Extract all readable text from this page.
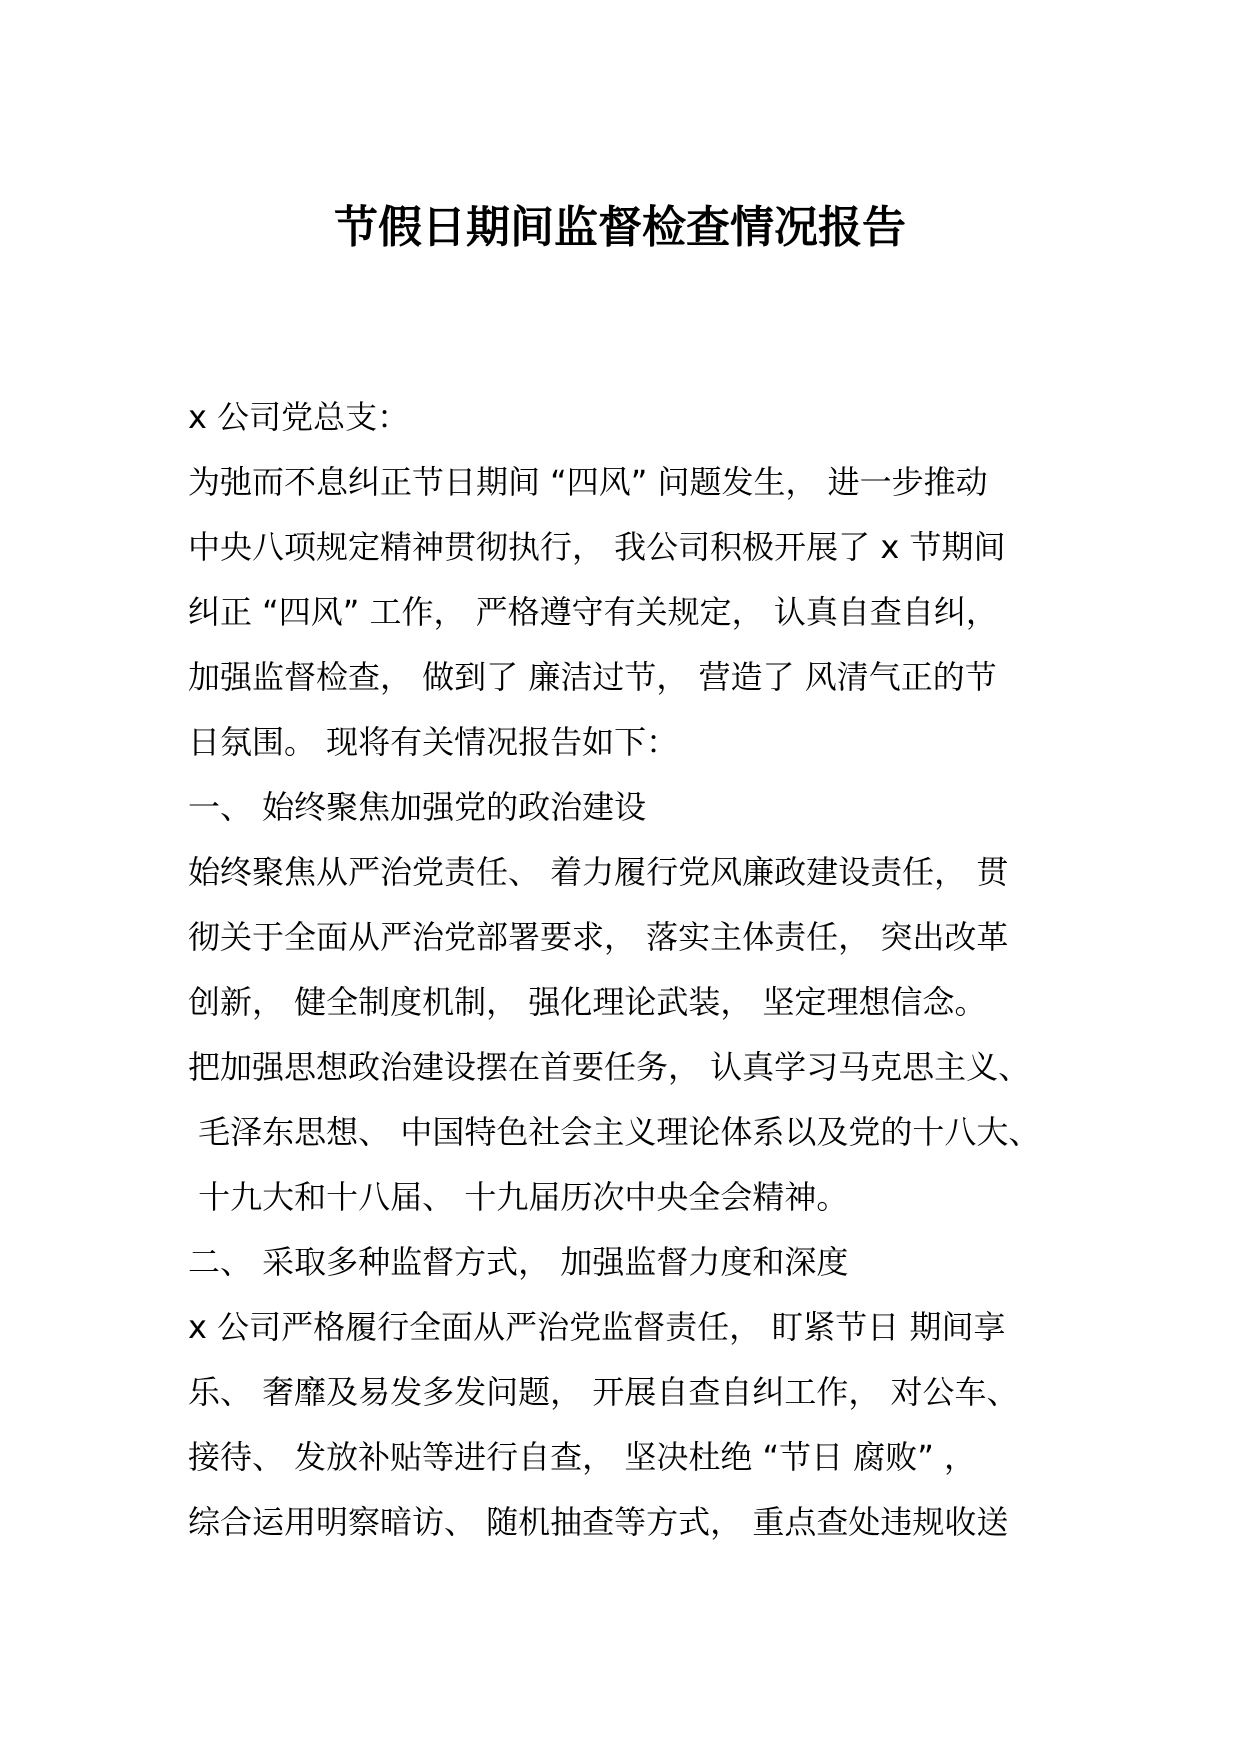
节假日期间监督检查情况报告
x 公司党总支：
为弛而不息纠正节日期间 “四风” 问题发生， 进一步推动
中央八项规定精神贯彻执行， 我公司积极开展了 x 节期间
纠正 “四风” 工作， 严格遵守有关规定， 认真自查自纠，
加强监督检查， 做到了 廉洁过节， 营造了 风清气正的节
日氛围。 现将有关情况报告如下：
一、 始终聚焦加强党的政治建设
始终聚焦从严治党责任、 着力履行党风廉政建设责任， 贯
彻关于全面从严治党部署要求， 落实主体责任， 突出改革
创新， 健全制度机制， 强化理论武装， 坚定理想信念。
把加强思想政治建设摆在首要任务， 认真学习马克思主义、
毛泽东思想、 中国特色社会主义理论体系以及党的十八大、
十九大和十八届、 十九届历次中央全会精神。
二、 采取多种监督方式， 加强监督力度和深度
x 公司严格履行全面从严治党监督责任， 盯紧节日 期间享
乐、 奢靡及易发多发问题， 开展自查自纠工作， 对公车、
接待、 发放补贴等进行自查， 坚决杜绝 “节日 腐败” ，
综合运用明察暗访、 随机抽查等方式， 重点查处违规收送
